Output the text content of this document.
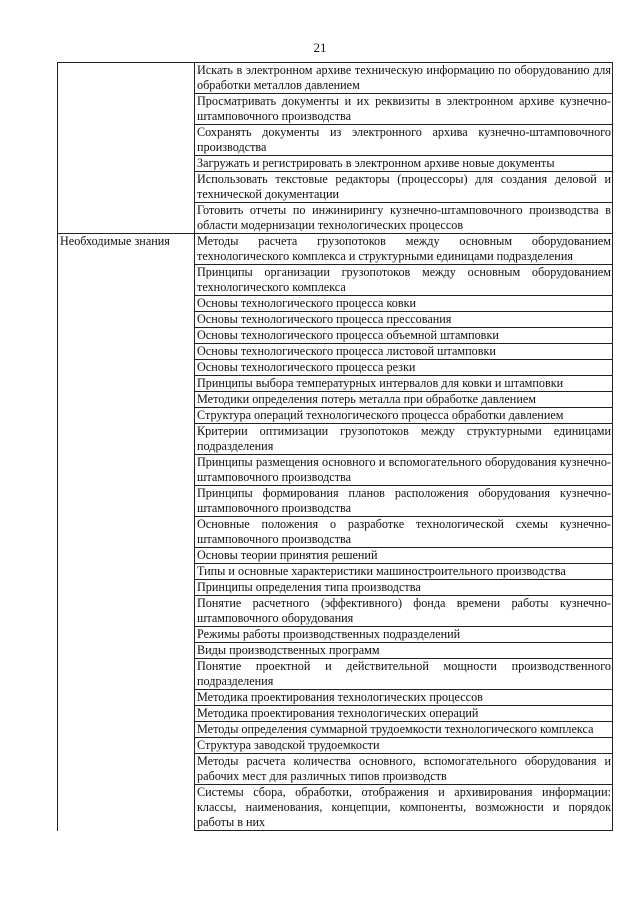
21
	Искать в электронном архиве техническую информацию по оборудованию для обработки металлов давлением
	Просматривать документы и их реквизиты в электронном архиве кузнечно-штамповочного производства
	Сохранять документы из электронного архива кузнечно-штамповочного производства
	Загружать и регистрировать в электронном архиве новые документы
	Использовать текстовые редакторы (процессоры) для создания деловой и технической документации
	Готовить отчеты по инжинирингу кузнечно-штамповочного производства в области модернизации технологических процессов

Необходимые знания	Методы расчета грузопотоков между основным оборудованием технологического комплекса и структурными единицами подразделения
	Принципы организации грузопотоков между основным оборудованием технологического комплекса
	Основы технологического процесса ковки
	Основы технологического процесса прессования
	Основы технологического процесса объемной штамповки
	Основы технологического процесса листовой штамповки
	Основы технологического процесса резки
	Принципы выбора температурных интервалов для ковки и штамповки
	Методики определения потерь металла при обработке давлением
	Структура операций технологического процесса обработки давлением
	Критерии оптимизации грузопотоков между структурными единицами подразделения
	Принципы размещения основного и вспомогательного оборудования кузнечно-штамповочного производства
	Принципы формирования планов расположения оборудования кузнечно-штамповочного производства
	Основные положения о разработке технологической схемы кузнечно-штамповочного производства
	Основы теории принятия решений
	Типы и основные характеристики машиностроительного производства
	Принципы определения типа производства
	Понятие расчетного (эффективного) фонда времени работы кузнечно-штамповочного оборудования
	Режимы работы производственных подразделений
	Виды производственных программ
	Понятие проектной и действительной мощности производственного подразделения
	Методика проектирования технологических процессов
	Методика проектирования технологических операций
	Методы определения суммарной трудоемкости технологического комплекса
	Структура заводской трудоемкости
	Методы расчета количества основного, вспомогательного оборудования и рабочих мест для различных типов производств
	Системы сбора, обработки, отображения и архивирования информации: классы, наименования, концепции, компоненты, возможности и порядок работы в них
